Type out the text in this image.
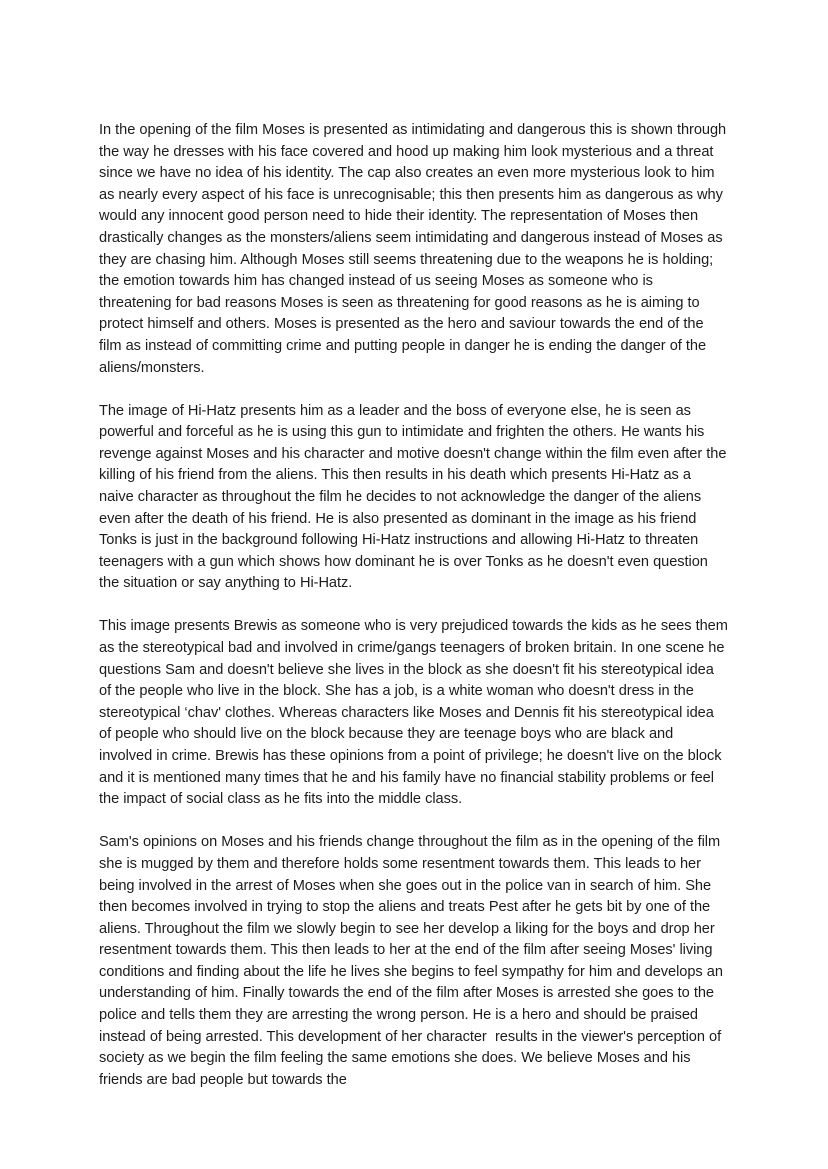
In the opening of the film Moses is presented as intimidating and dangerous this is shown through the way he dresses with his face covered and hood up making him look mysterious and a threat since we have no idea of his identity. The cap also creates an even more mysterious look to him as nearly every aspect of his face is unrecognisable; this then presents him as dangerous as why would any innocent good person need to hide their identity. The representation of Moses then drastically changes as the monsters/aliens seem intimidating and dangerous instead of Moses as they are chasing him. Although Moses still seems threatening due to the weapons he is holding; the emotion towards him has changed instead of us seeing Moses as someone who is threatening for bad reasons Moses is seen as threatening for good reasons as he is aiming to protect himself and others. Moses is presented as the hero and saviour towards the end of the film as instead of committing crime and putting people in danger he is ending the danger of the aliens/monsters.

The image of Hi-Hatz presents him as a leader and the boss of everyone else, he is seen as powerful and forceful as he is using this gun to intimidate and frighten the others. He wants his revenge against Moses and his character and motive doesn't change within the film even after the killing of his friend from the aliens. This then results in his death which presents Hi-Hatz as a naive character as throughout the film he decides to not acknowledge the danger of the aliens even after the death of his friend. He is also presented as dominant in the image as his friend Tonks is just in the background following Hi-Hatz instructions and allowing Hi-Hatz to threaten teenagers with a gun which shows how dominant he is over Tonks as he doesn't even question the situation or say anything to Hi-Hatz.

This image presents Brewis as someone who is very prejudiced towards the kids as he sees them as the stereotypical bad and involved in crime/gangs teenagers of broken britain. In one scene he questions Sam and doesn't believe she lives in the block as she doesn't fit his stereotypical idea of the people who live in the block. She has a job, is a white woman who doesn't dress in the stereotypical ‘chav' clothes. Whereas characters like Moses and Dennis fit his stereotypical idea of people who should live on the block because they are teenage boys who are black and involved in crime. Brewis has these opinions from a point of privilege; he doesn't live on the block and it is mentioned many times that he and his family have no financial stability problems or feel the impact of social class as he fits into the middle class.

Sam's opinions on Moses and his friends change throughout the film as in the opening of the film she is mugged by them and therefore holds some resentment towards them. This leads to her being involved in the arrest of Moses when she goes out in the police van in search of him. She then becomes involved in trying to stop the aliens and treats Pest after he gets bit by one of the aliens. Throughout the film we slowly begin to see her develop a liking for the boys and drop her resentment towards them. This then leads to her at the end of the film after seeing Moses' living conditions and finding about the life he lives she begins to feel sympathy for him and develops an understanding of him. Finally towards the end of the film after Moses is arrested she goes to the police and tells them they are arresting the wrong person. He is a hero and should be praised instead of being arrested. This development of her character  results in the viewer's perception of society as we begin the film feeling the same emotions she does. We believe Moses and his friends are bad people but towards the
